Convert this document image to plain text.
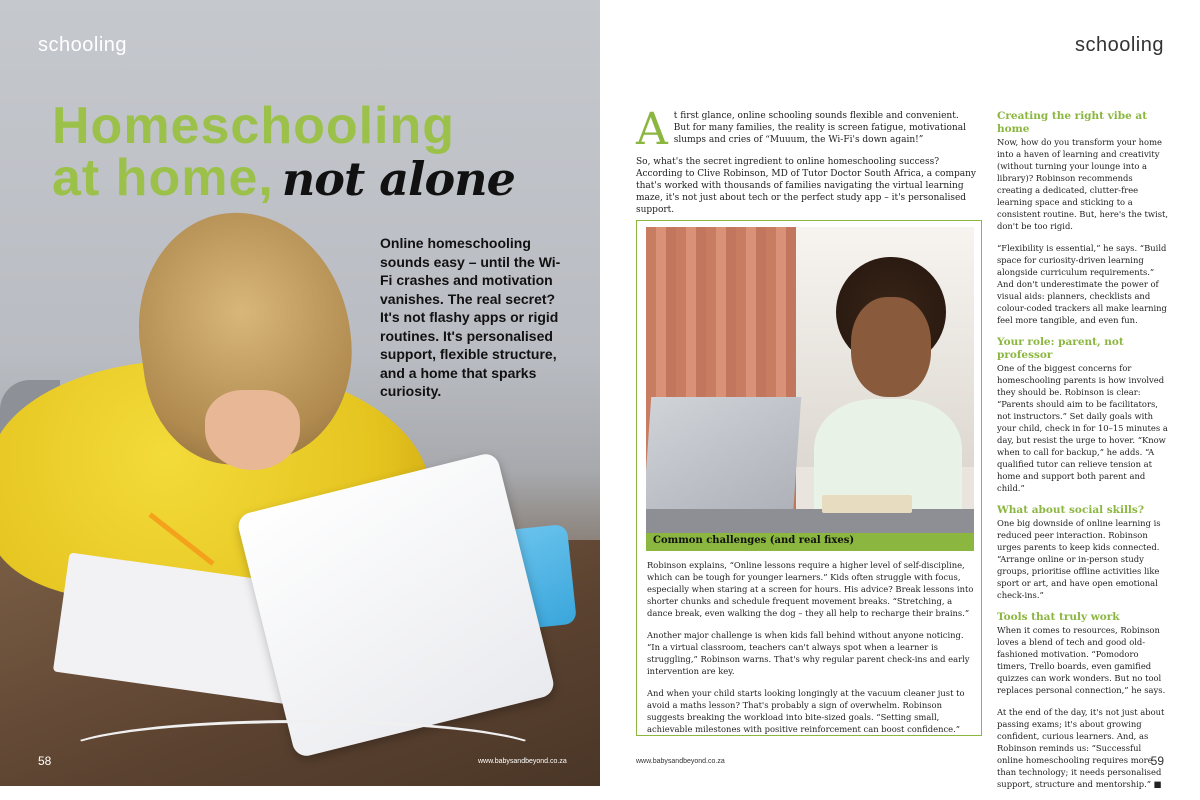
schooling
Homeschooling
at home, not alone
Online homeschooling sounds easy – until the Wi-Fi crashes and motivation vanishes. The real secret? It's not flashy apps or rigid routines. It's personalised support, flexible structure, and a home that sparks curiosity.
58	www.babysandbeyond.co.za
schooling

At first glance, online schooling sounds flexible and convenient. But for many families, the reality is screen fatigue, motivational slumps and cries of “Muuum, the Wi-Fi's down again!”

So, what's the secret ingredient to online homeschooling success? According to Clive Robinson, MD of Tutor Doctor South Africa, a company that's worked with thousands of families navigating the virtual learning maze, it's not just about tech or the perfect study app – it's personalised support.

Common challenges (and real fixes)

Robinson explains, “Online lessons require a higher level of self-discipline, which can be tough for younger learners.” Kids often struggle with focus, especially when staring at a screen for hours. His advice? Break lessons into shorter chunks and schedule frequent movement breaks. “Stretching, a dance break, even walking the dog – they all help to recharge their brains.”

Another major challenge is when kids fall behind without anyone noticing. “In a virtual classroom, teachers can't always spot when a learner is struggling,” Robinson warns. That's why regular parent check-ins and early intervention are key.

And when your child starts looking longingly at the vacuum cleaner just to avoid a maths lesson? That's probably a sign of overwhelm. Robinson suggests breaking the workload into bite-sized goals. “Setting small, achievable milestones with positive reinforcement can boost confidence.”

Creating the right vibe at home

Now, how do you transform your home into a haven of learning and creativity (without turning your lounge into a library)? Robinson recommends creating a dedicated, clutter-free learning space and sticking to a consistent routine. But, here's the twist, don't be too rigid.

“Flexibility is essential,” he says. “Build space for curiosity-driven learning alongside curriculum requirements.” And don't underestimate the power of visual aids: planners, checklists and colour-coded trackers all make learning feel more tangible, and even fun.

Your role: parent, not professor

One of the biggest concerns for homeschooling parents is how involved they should be. Robinson is clear: “Parents should aim to be facilitators, not instructors.” Set daily goals with your child, check in for 10–15 minutes a day, but resist the urge to hover. “Know when to call for backup,” he adds. “A qualified tutor can relieve tension at home and support both parent and child.”

What about social skills?

One big downside of online learning is reduced peer interaction. Robinson urges parents to keep kids connected. “Arrange online or in-person study groups, prioritise offline activities like sport or art, and have open emotional check-ins.”

Tools that truly work

When it comes to resources, Robinson loves a blend of tech and good old-fashioned motivation. “Pomodoro timers, Trello boards, even gamified quizzes can work wonders. But no tool replaces personal connection,” he says.

At the end of the day, it's not just about passing exams; it's about growing confident, curious learners. And, as Robinson reminds us: “Successful online homeschooling requires more than technology; it needs personalised support, structure and mentorship.” ■

www.babysandbeyond.co.za	59
